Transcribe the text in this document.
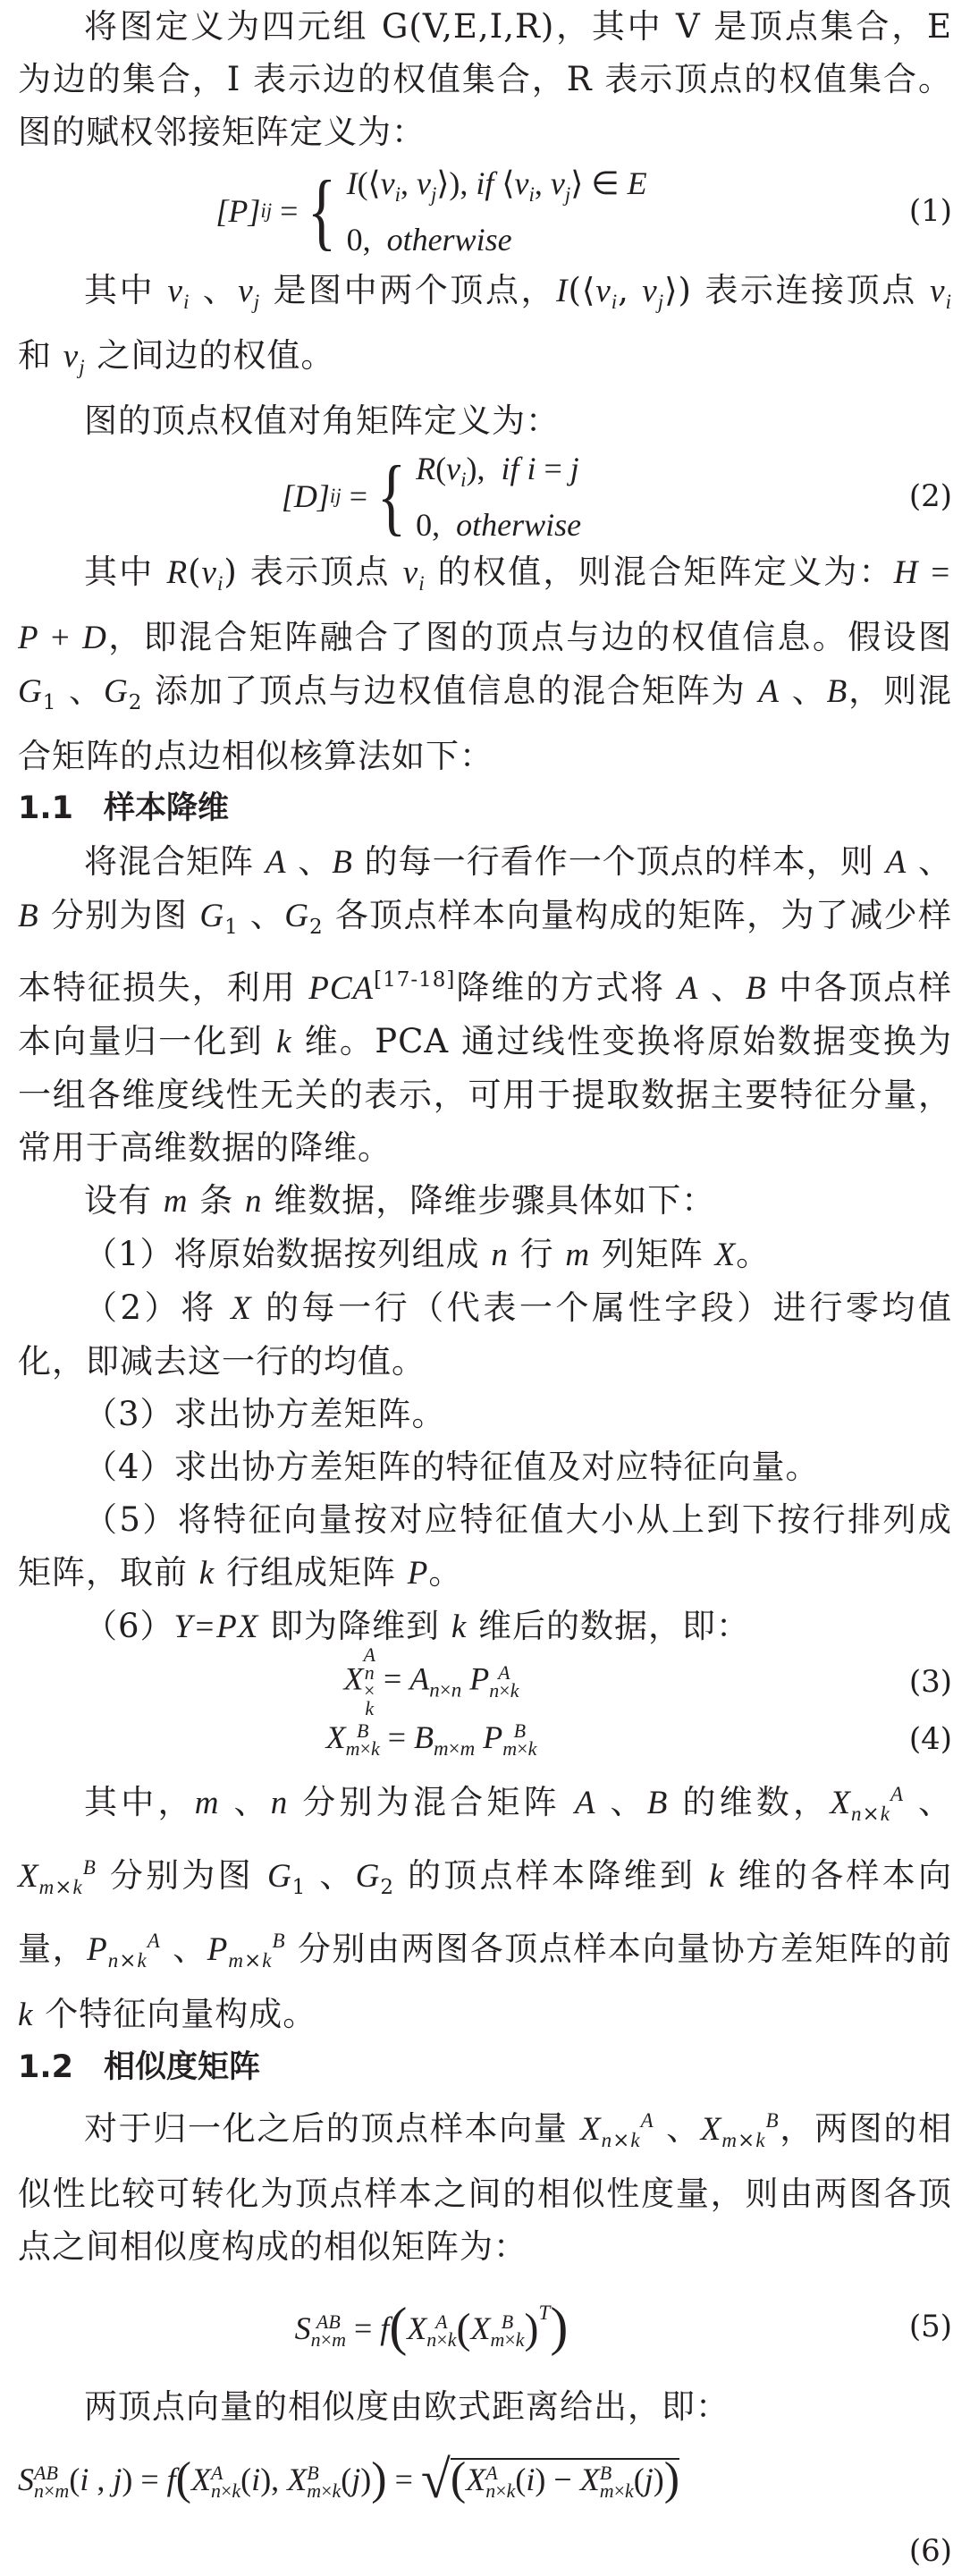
将图定义为四元组 G(V,E,I,R)，其中 V 是顶点集合，E 为边的集合，I 表示边的权值集合，R 表示顶点的权值集合。图的赋权邻接矩阵定义为：

[P] ij = { $I(⟨v_i$, $v_j⟩$), if $⟨v_i$, $v_j⟩$ ∈ E
0,  otherwise
(1)

其中 $v_i$ 、$v_j$ 是图中两个顶点，$I(⟨v_i$, $v_j⟩$) 表示连接顶点 $v_i$ 和 $v_j$ 之间边的权值。

图的顶点权值对角矩阵定义为：

[D] ij = { $R(v_i)$,  if i = j
0,  otherwise
(2)

其中 $R(v_i)$ 表示顶点 $v_i$ 的权值，则混合矩阵定义为：H = P + D，即混合矩阵融合了图的顶点与边的权值信息。假设图 $G_1$ 、$G_2$ 添加了顶点与边权值信息的混合矩阵为 A 、B，则混合矩阵的点边相似核算法如下：

1.1 样本降维

将混合矩阵 A 、B 的每一行看作一个顶点的样本，则 A 、B 分别为图 $G_1$ 、$G_2$ 各顶点样本向量构成的矩阵，为了减少样本特征损失，利用 PCA[17-18]降维的方式将 A 、B 中各顶点样本向量归一化到 k 维。PCA 通过线性变换将原始数据变换为一组各维度线性无关的表示，可用于提取数据主要特征分量，常用于高维数据的降维。

设有 m 条 n 维数据，降维步骤具体如下：

（1）将原始数据按列组成 n 行 m 列矩阵 X。

（2）将 X 的每一行（代表一个属性字段）进行零均值化，即减去这一行的均值。

（3）求出协方差矩阵。

（4）求出协方差矩阵的特征值及对应特征向量。

（5）将特征向量按对应特征值大小从上到下按行排列成矩阵，取前 k 行组成矩阵 P。

（6）Y=PX 即为降维到 k 维后的数据，即：

X
A
n
×
k
= $A_{n\times n}$ P A
n×k	(3)
X B
$m\times k = B_{m\times m}$ P B
m×k	(4)

其中，m 、n 分别为混合矩阵 A 、B 的维数，$X_{n\times k}^A$ 、$X_{m\times k}^B$ 分别为图 $G_1$ 、$G_2$ 的顶点样本降维到 k 维的各样本向量，$P_{n\times k}^A$ 、$P_{m\times k}^B$ 分别由两图各顶点样本向量协方差矩阵的前 k 个特征向量构成。

1.2 相似度矩阵

对于归一化之后的顶点样本向量 $X_{n\times k}^A$ 、$X_{m\times k}^B$，两图的相似性比较可转化为顶点样本之间的相似性度量，则由两图各顶点之间相似度构成的相似矩阵为：

S AB
n×m = f(X A
n×k (X B
m×k )$^T$)	(5)

两顶点向量的相似度由欧式距离给出，即：

S AB
n×m (i , j) = f(X A
n×k (i), X B
m×k (j)) = √(X A
n×k (i) − X B
m×k (j))

(6)
